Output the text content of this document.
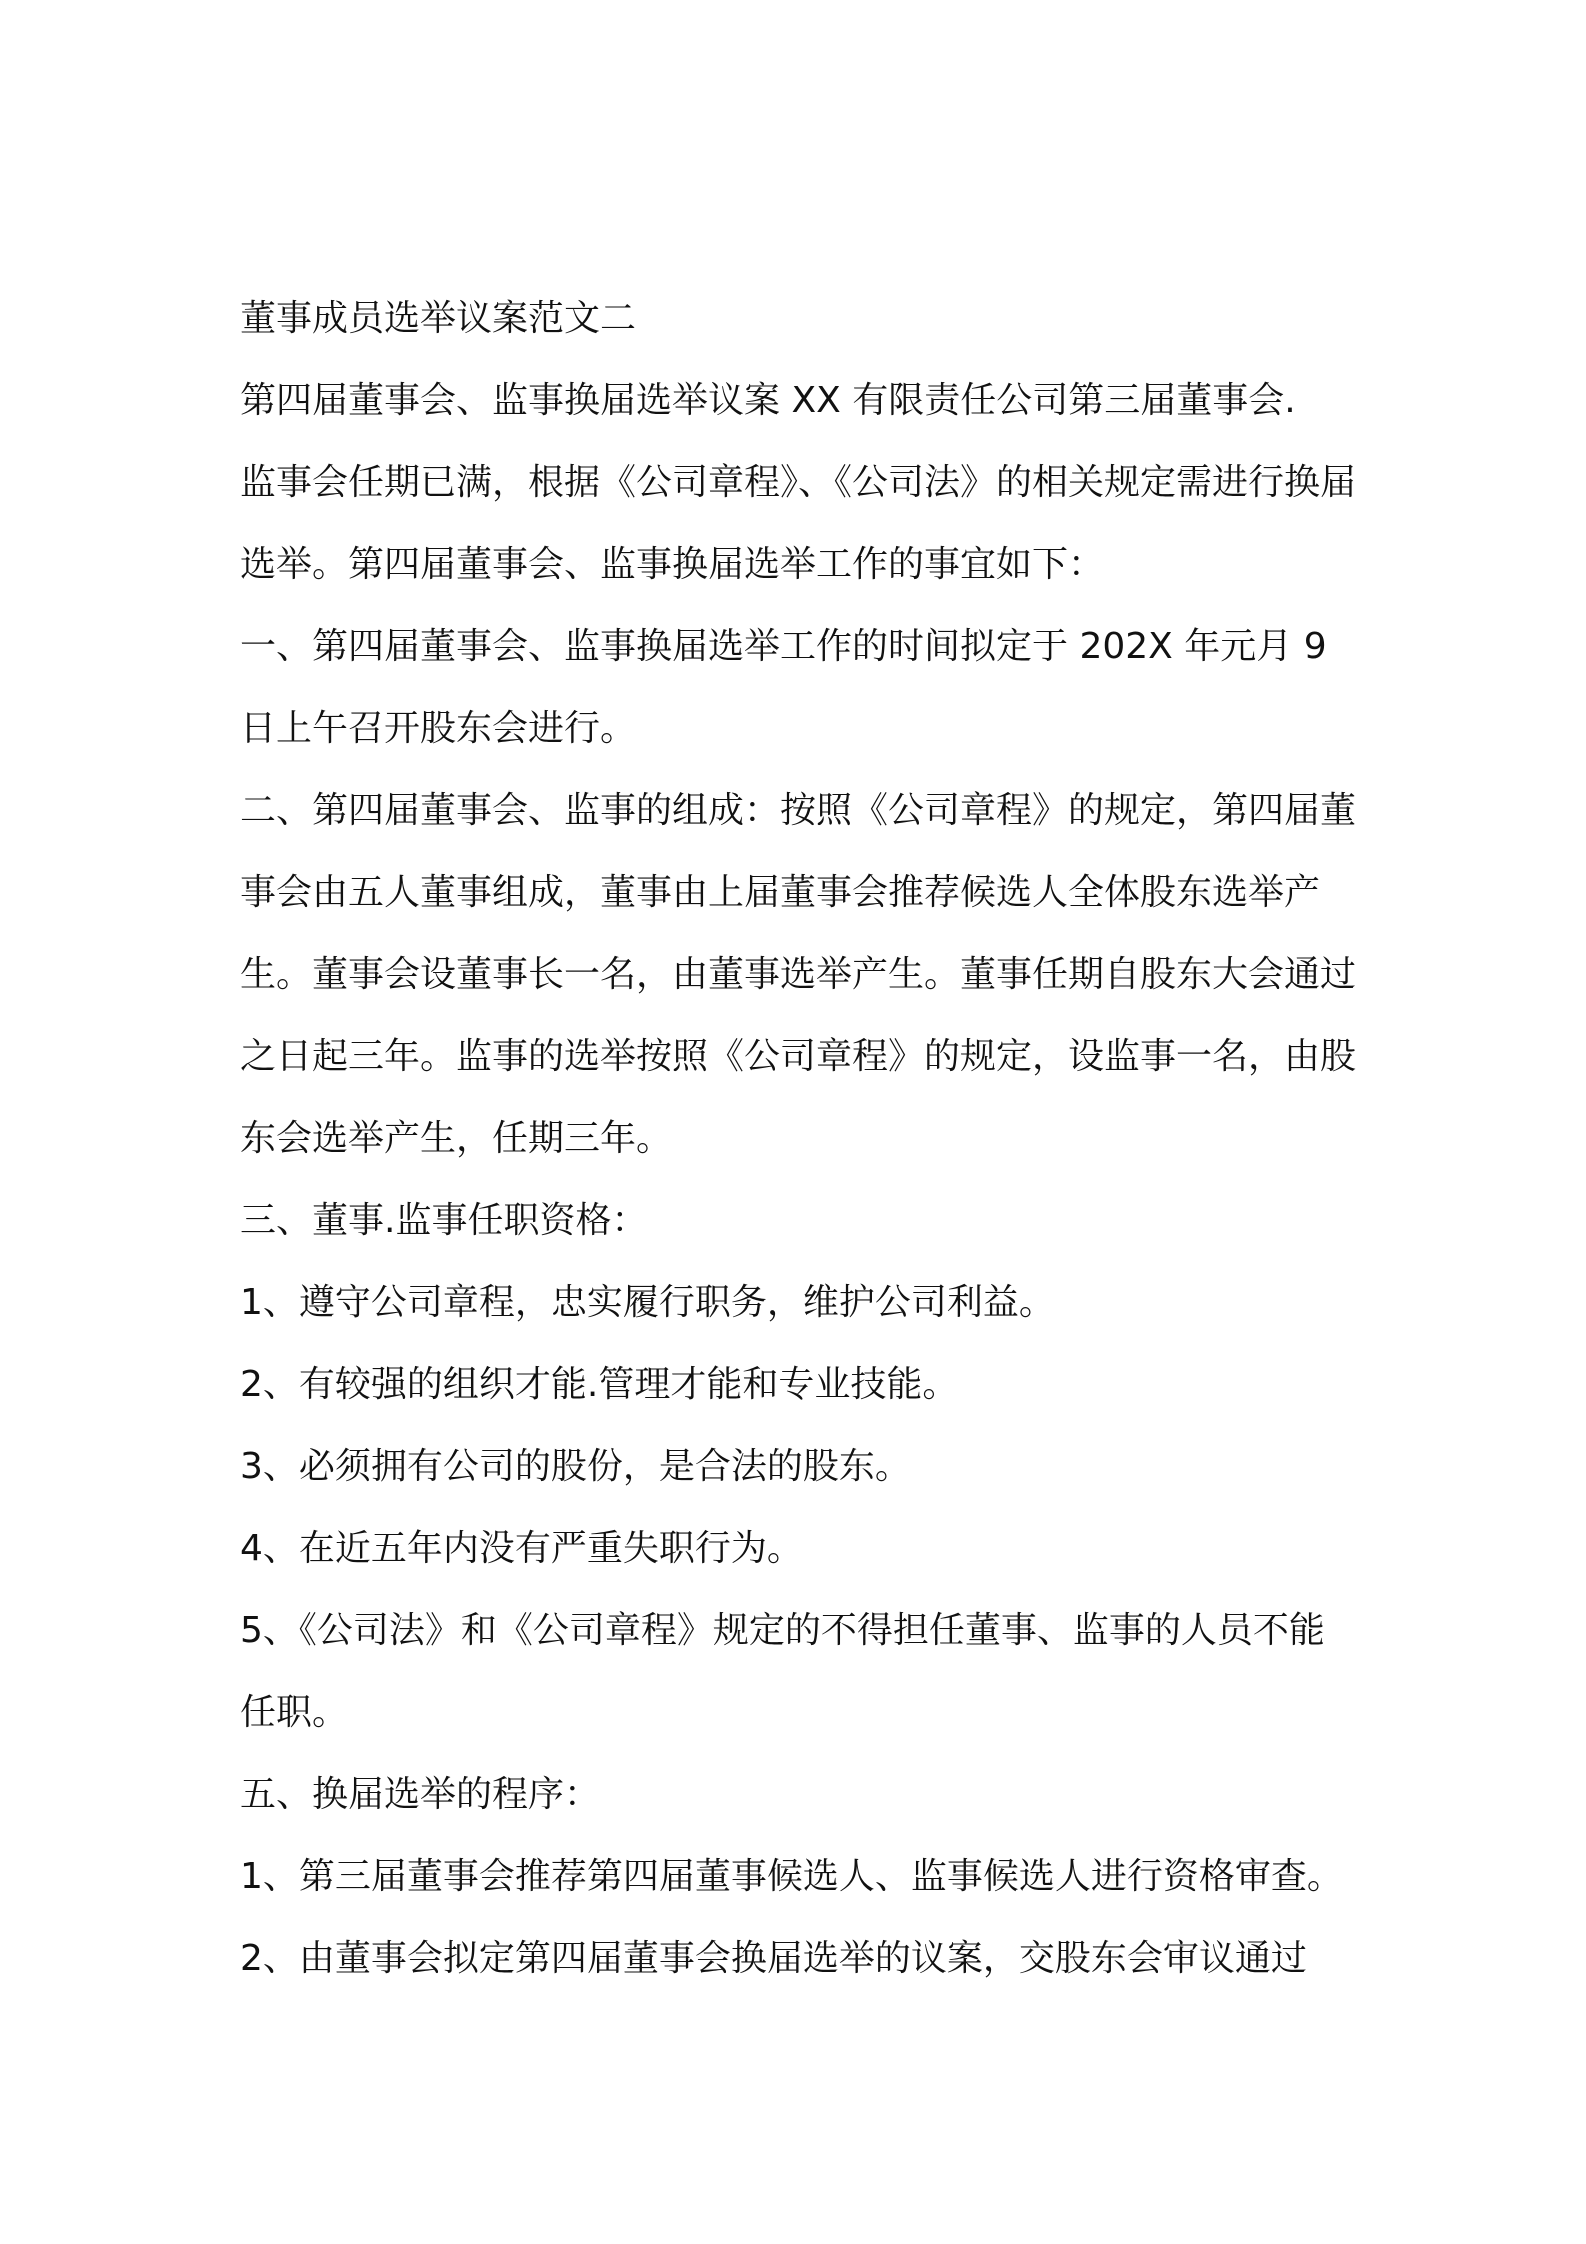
董事成员选举议案范文二

第四届董事会、监事换届选举议案 XX 有限责任公司第三届董事会.

监事会任期已满，根据《公司章程》、《公司法》的相关规定需进行换届选举。第四届董事会、监事换届选举工作的事宜如下：

一、第四届董事会、监事换届选举工作的时间拟定于 202X 年元月 9 日上午召开股东会进行。

二、第四届董事会、监事的组成：按照《公司章程》的规定，第四届董事会由五人董事组成，董事由上届董事会推荐候选人全体股东选举产生。董事会设董事长一名，由董事选举产生。董事任期自股东大会通过之日起三年。监事的选举按照《公司章程》的规定，设监事一名，由股东会选举产生，任期三年。

三、董事.监事任职资格：

1、遵守公司章程，忠实履行职务，维护公司利益。

2、有较强的组织才能.管理才能和专业技能。

3、必须拥有公司的股份，是合法的股东。

4、在近五年内没有严重失职行为。

5、《公司法》和《公司章程》规定的不得担任董事、监事的人员不能任职。

五、换届选举的程序：

1、第三届董事会推荐第四届董事候选人、监事候选人进行资格审查。

2、由董事会拟定第四届董事会换届选举的议案，交股东会审议通过
